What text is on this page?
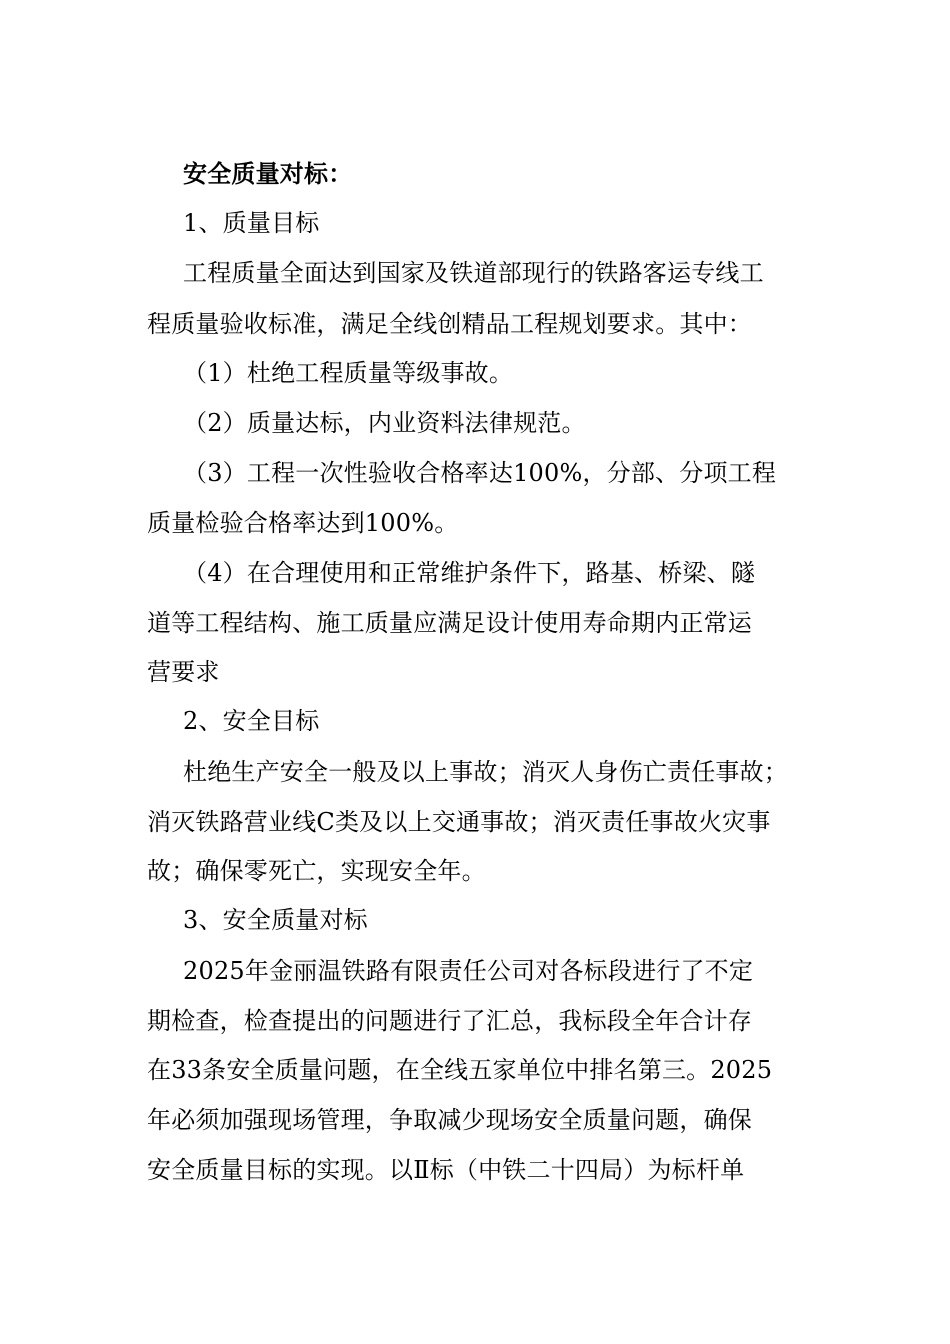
安全质量对标：
1、质量目标
工程质量全面达到国家及铁道部现行的铁路客运专线工
程质量验收标准，满足全线创精品工程规划要求。其中：
（1）杜绝工程质量等级事故。
（2）质量达标，内业资料法律规范。
（3）工程一次性验收合格率达100%，分部、分项工程
质量检验合格率达到100%。
（4）在合理使用和正常维护条件下，路基、桥梁、隧
道等工程结构、施工质量应满足设计使用寿命期内正常运
营要求
2、安全目标
杜绝生产安全一般及以上事故；消灭人身伤亡责任事故；
消灭铁路营业线C类及以上交通事故；消灭责任事故火灾事
故；确保零死亡，实现安全年。
3、安全质量对标
2025年金丽温铁路有限责任公司对各标段进行了不定
期检查，检查提出的问题进行了汇总，我标段全年合计存
在33条安全质量问题，在全线五家单位中排名第三。2025
年必须加强现场管理，争取减少现场安全质量问题，确保
安全质量目标的实现。以Ⅱ标（中铁二十四局）为标杆单
